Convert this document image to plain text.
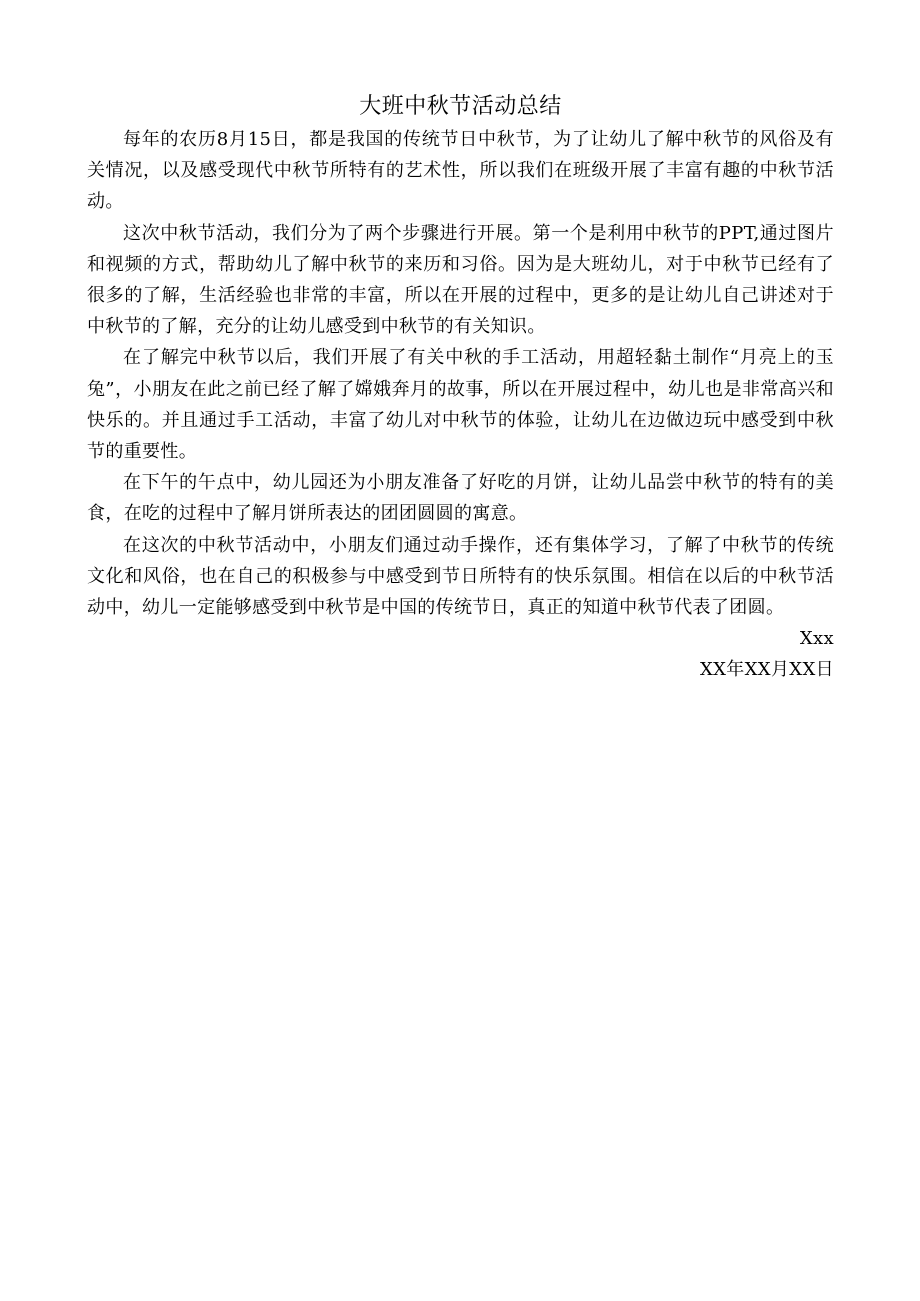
大班中秋节活动总结

每年的农历8月15日，都是我国的传统节日中秋节，为了让幼儿了解中秋节的风俗及有关情况，以及感受现代中秋节所特有的艺术性，所以我们在班级开展了丰富有趣的中秋节活动。

这次中秋节活动，我们分为了两个步骤进行开展。第一个是利用中秋节的PPT,通过图片和视频的方式，帮助幼儿了解中秋节的来历和习俗。因为是大班幼儿，对于中秋节已经有了很多的了解，生活经验也非常的丰富，所以在开展的过程中，更多的是让幼儿自己讲述对于中秋节的了解，充分的让幼儿感受到中秋节的有关知识。

在了解完中秋节以后，我们开展了有关中秋的手工活动，用超轻黏土制作“月亮上的玉兔”，小朋友在此之前已经了解了嫦娥奔月的故事，所以在开展过程中，幼儿也是非常高兴和快乐的。并且通过手工活动，丰富了幼儿对中秋节的体验，让幼儿在边做边玩中感受到中秋节的重要性。

在下午的午点中，幼儿园还为小朋友准备了好吃的月饼，让幼儿品尝中秋节的特有的美食，在吃的过程中了解月饼所表达的团团圆圆的寓意。

在这次的中秋节活动中，小朋友们通过动手操作，还有集体学习，了解了中秋节的传统文化和风俗，也在自己的积极参与中感受到节日所特有的快乐氛围。相信在以后的中秋节活动中，幼儿一定能够感受到中秋节是中国的传统节日，真正的知道中秋节代表了团圆。

Xxx

XX年XX月XX日
